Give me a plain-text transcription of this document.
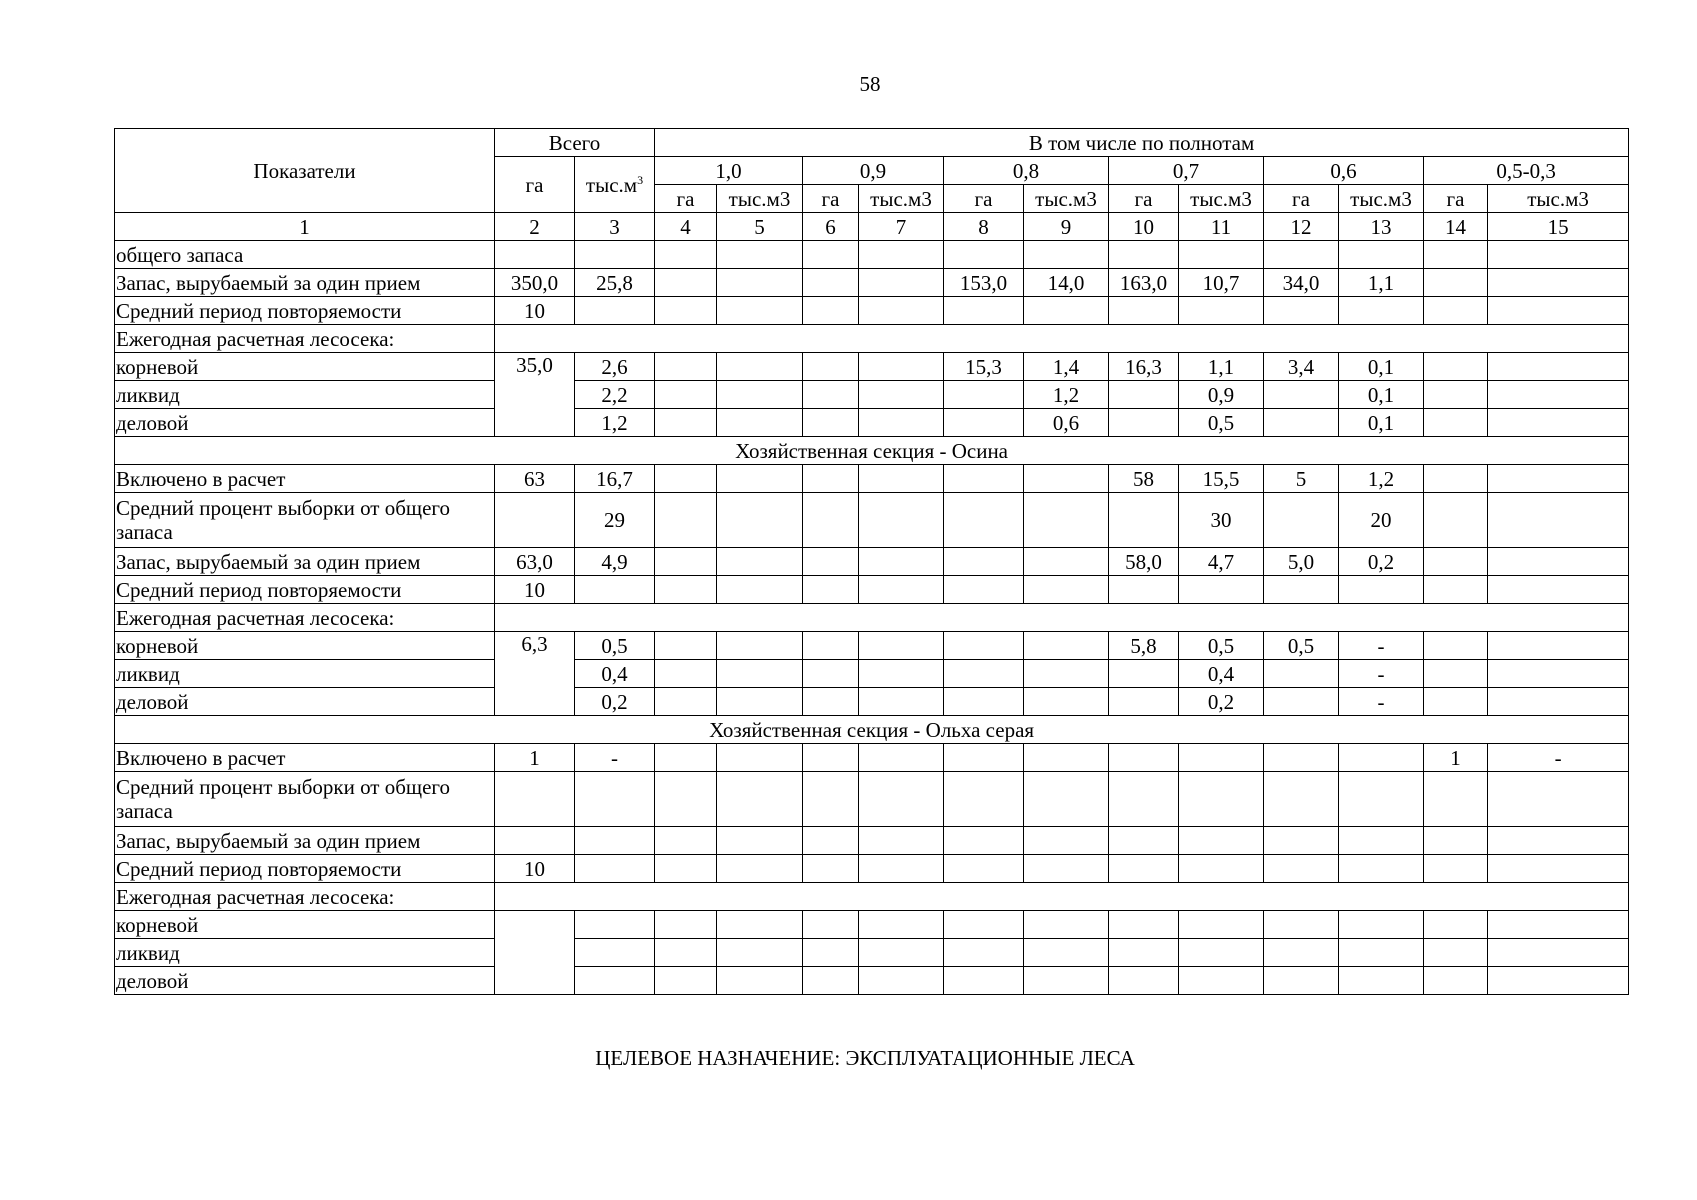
58
Показатели	Всего		В том числе по полнотам											
	га	$тыс.м^3$	1,0		0,9		0,8		0,7		0,6		0,5-0,3	
			га	тыс.м3	га	тыс.м3	га	тыс.м3	га	тыс.м3	га	тыс.м3	га	тыс.м3
1	2	3	4	5	6	7	8	9	10	11	12	13	14	15
общего запаса														
Запас, вырубаемый за один прием	350,0	25,8					153,0	14,0	163,0	10,7	34,0	1,1		
Средний период повторяемости	10													
Ежегодная расчетная лесосека:														
корневой	35,0	2,6					15,3	1,4	16,3	1,1	3,4	0,1		
ликвид		2,2						1,2		0,9		0,1		
деловой		1,2						0,6		0,5		0,1		
Хозяйственная секция - Осина														
Включено в расчет	63	16,7							58	15,5	5	1,2		
Средний процент выборки от общего запаса		29								30		20		
Запас, вырубаемый за один прием	63,0	4,9							58,0	4,7	5,0	0,2		
Средний период повторяемости	10													
Ежегодная расчетная лесосека:														
корневой	6,3	0,5							5,8	0,5	0,5	-		
ликвид		0,4								0,4		-		
деловой		0,2								0,2		-		
Хозяйственная секция - Ольха серая														
Включено в расчет	1	-											1	-
Средний процент выборки от общего запаса														
Запас, вырубаемый за один прием														
Средний период повторяемости	10													
Ежегодная расчетная лесосека:														
корневой														
ликвид														
деловой														
ЦЕЛЕВОЕ НАЗНАЧЕНИЕ: ЭКСПЛУАТАЦИОННЫЕ ЛЕСА
